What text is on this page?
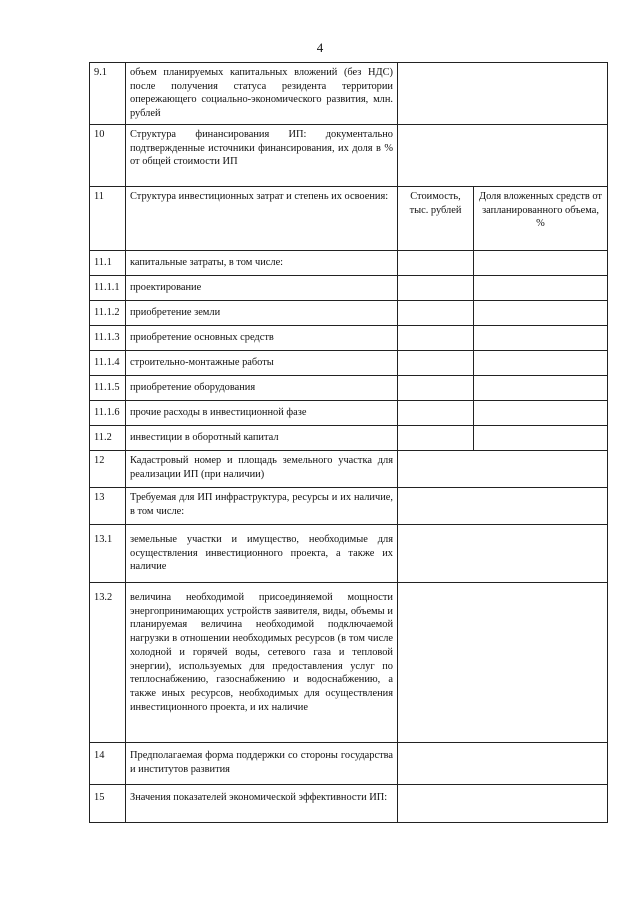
4
9.1	объем планируемых капитальных вложений (без НДС) после получения статуса резидента территории опережающего социально-экономического развития, млн. рублей		
10	Структура финансирования ИП: документально подтвержденные источники финансирования, их доля в % от общей стоимости ИП		
11	Структура инвестиционных затрат и степень их освоения:	Стоимость, тыс. рублей	Доля вложенных средств от запланированного объема, %
11.1	капитальные затраты, в том числе:		
11.1.1	проектирование		
11.1.2	приобретение земли		
11.1.3	приобретение основных средств		
11.1.4	строительно-монтажные работы		
11.1.5	приобретение оборудования		
11.1.6	прочие расходы в инвестиционной фазе		
11.2	инвестиции в оборотный капитал		
12	Кадастровый номер и площадь земельного участка для реализации ИП (при наличии)		
13	Требуемая для ИП инфраструктура, ресурсы и их наличие, в том числе:		
13.1	земельные участки и имущество, необходимые для осуществления инвестиционного проекта, а также их наличие		
13.2	величина необходимой присоединяемой мощности энергопринимающих устройств заявителя, виды, объемы и планируемая величина необходимой подключаемой нагрузки в отношении необходимых ресурсов (в том числе холодной и горячей воды, сетевого газа и тепловой энергии), используемых для предоставления услуг по теплоснабжению, газоснабжению и водоснабжению, а также иных ресурсов, необходимых для осуществления инвестиционного проекта, и их наличие		
14	Предполагаемая форма поддержки со стороны государства и институтов развития		
15	Значения показателей экономической эффективности ИП:		
